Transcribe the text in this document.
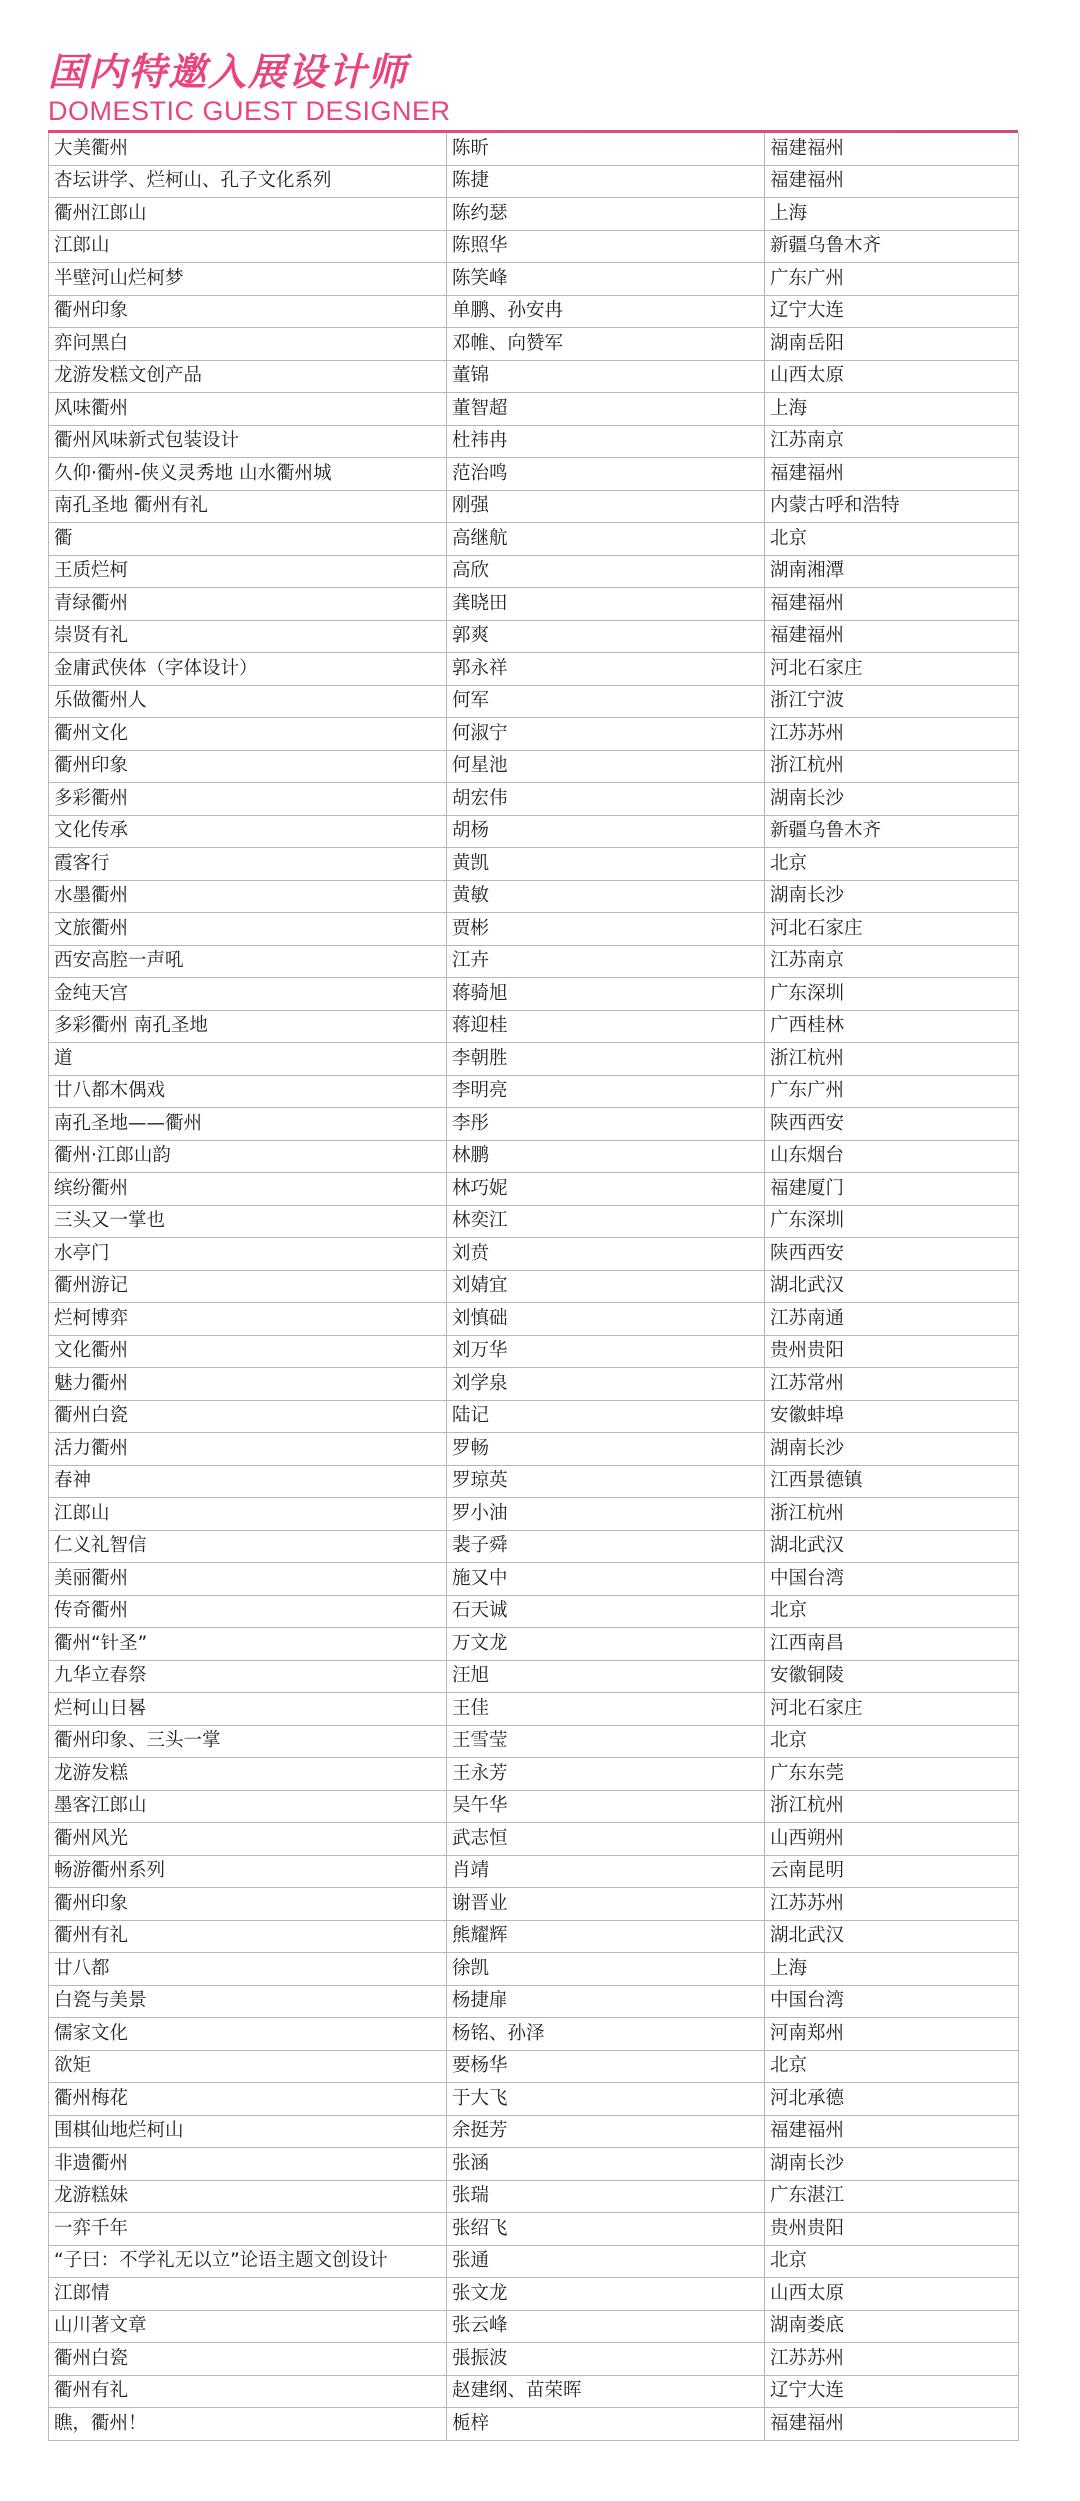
国内特邀入展设计师
DOMESTIC GUEST DESIGNER
大美衢州	陈昕	福建福州
杏坛讲学、烂柯山、孔子文化系列	陈捷	福建福州
衢州江郎山	陈约瑟	上海
江郎山	陈照华	新疆乌鲁木齐
半壁河山烂柯梦	陈笑峰	广东广州
衢州印象	单鹏、孙安冉	辽宁大连
弈问黑白	邓帷、向赞军	湖南岳阳
龙游发糕文创产品	董锦	山西太原
风味衢州	董智超	上海
衢州风味新式包装设计	杜祎冉	江苏南京
久仰·衢州-侠义灵秀地 山水衢州城	范治鸣	福建福州
南孔圣地 衢州有礼	刚强	内蒙古呼和浩特
衢	高继航	北京
王质烂柯	高欣	湖南湘潭
青绿衢州	龚晓田	福建福州
崇贤有礼	郭爽	福建福州
金庸武侠体（字体设计）	郭永祥	河北石家庄
乐做衢州人	何军	浙江宁波
衢州文化	何淑宁	江苏苏州
衢州印象	何星池	浙江杭州
多彩衢州	胡宏伟	湖南长沙
文化传承	胡杨	新疆乌鲁木齐
霞客行	黄凯	北京
水墨衢州	黄敏	湖南长沙
文旅衢州	贾彬	河北石家庄
西安高腔一声吼	江卉	江苏南京
金纯天宫	蒋骑旭	广东深圳
多彩衢州 南孔圣地	蒋迎桂	广西桂林
道	李朝胜	浙江杭州
廿八都木偶戏	李明亮	广东广州
南孔圣地——衢州	李彤	陕西西安
衢州·江郎山韵	林鹏	山东烟台
缤纷衢州	林巧妮	福建厦门
三头又一掌也	林奕江	广东深圳
水亭门	刘贲	陕西西安
衢州游记	刘婧宜	湖北武汉
烂柯博弈	刘慎础	江苏南通
文化衢州	刘万华	贵州贵阳
魅力衢州	刘学泉	江苏常州
衢州白瓷	陆记	安徽蚌埠
活力衢州	罗畅	湖南长沙
春神	罗琼英	江西景德镇
江郎山	罗小油	浙江杭州
仁义礼智信	裴子舜	湖北武汉
美丽衢州	施又中	中国台湾
传奇衢州	石天诚	北京
衢州“针圣”	万文龙	江西南昌
九华立春祭	汪旭	安徽铜陵
烂柯山日晷	王佳	河北石家庄
衢州印象、三头一掌	王雪莹	北京
龙游发糕	王永芳	广东东莞
墨客江郎山	吴午华	浙江杭州
衢州风光	武志恒	山西朔州
畅游衢州系列	肖靖	云南昆明
衢州印象	谢晋业	江苏苏州
衢州有礼	熊耀辉	湖北武汉
廿八都	徐凯	上海
白瓷与美景	杨捷扉	中国台湾
儒家文化	杨铭、孙泽	河南郑州
欲矩	要杨华	北京
衢州梅花	于大飞	河北承德
围棋仙地烂柯山	余挺芳	福建福州
非遗衢州	张涵	湖南长沙
龙游糕妹	张瑞	广东湛江
一弈千年	张绍飞	贵州贵阳
“子曰：不学礼无以立”论语主题文创设计	张通	北京
江郎情	张文龙	山西太原
山川著文章	张云峰	湖南娄底
衢州白瓷	張振波	江苏苏州
衢州有礼	赵建纲、苗荣晖	辽宁大连
瞧，衢州！	栀梓	福建福州
